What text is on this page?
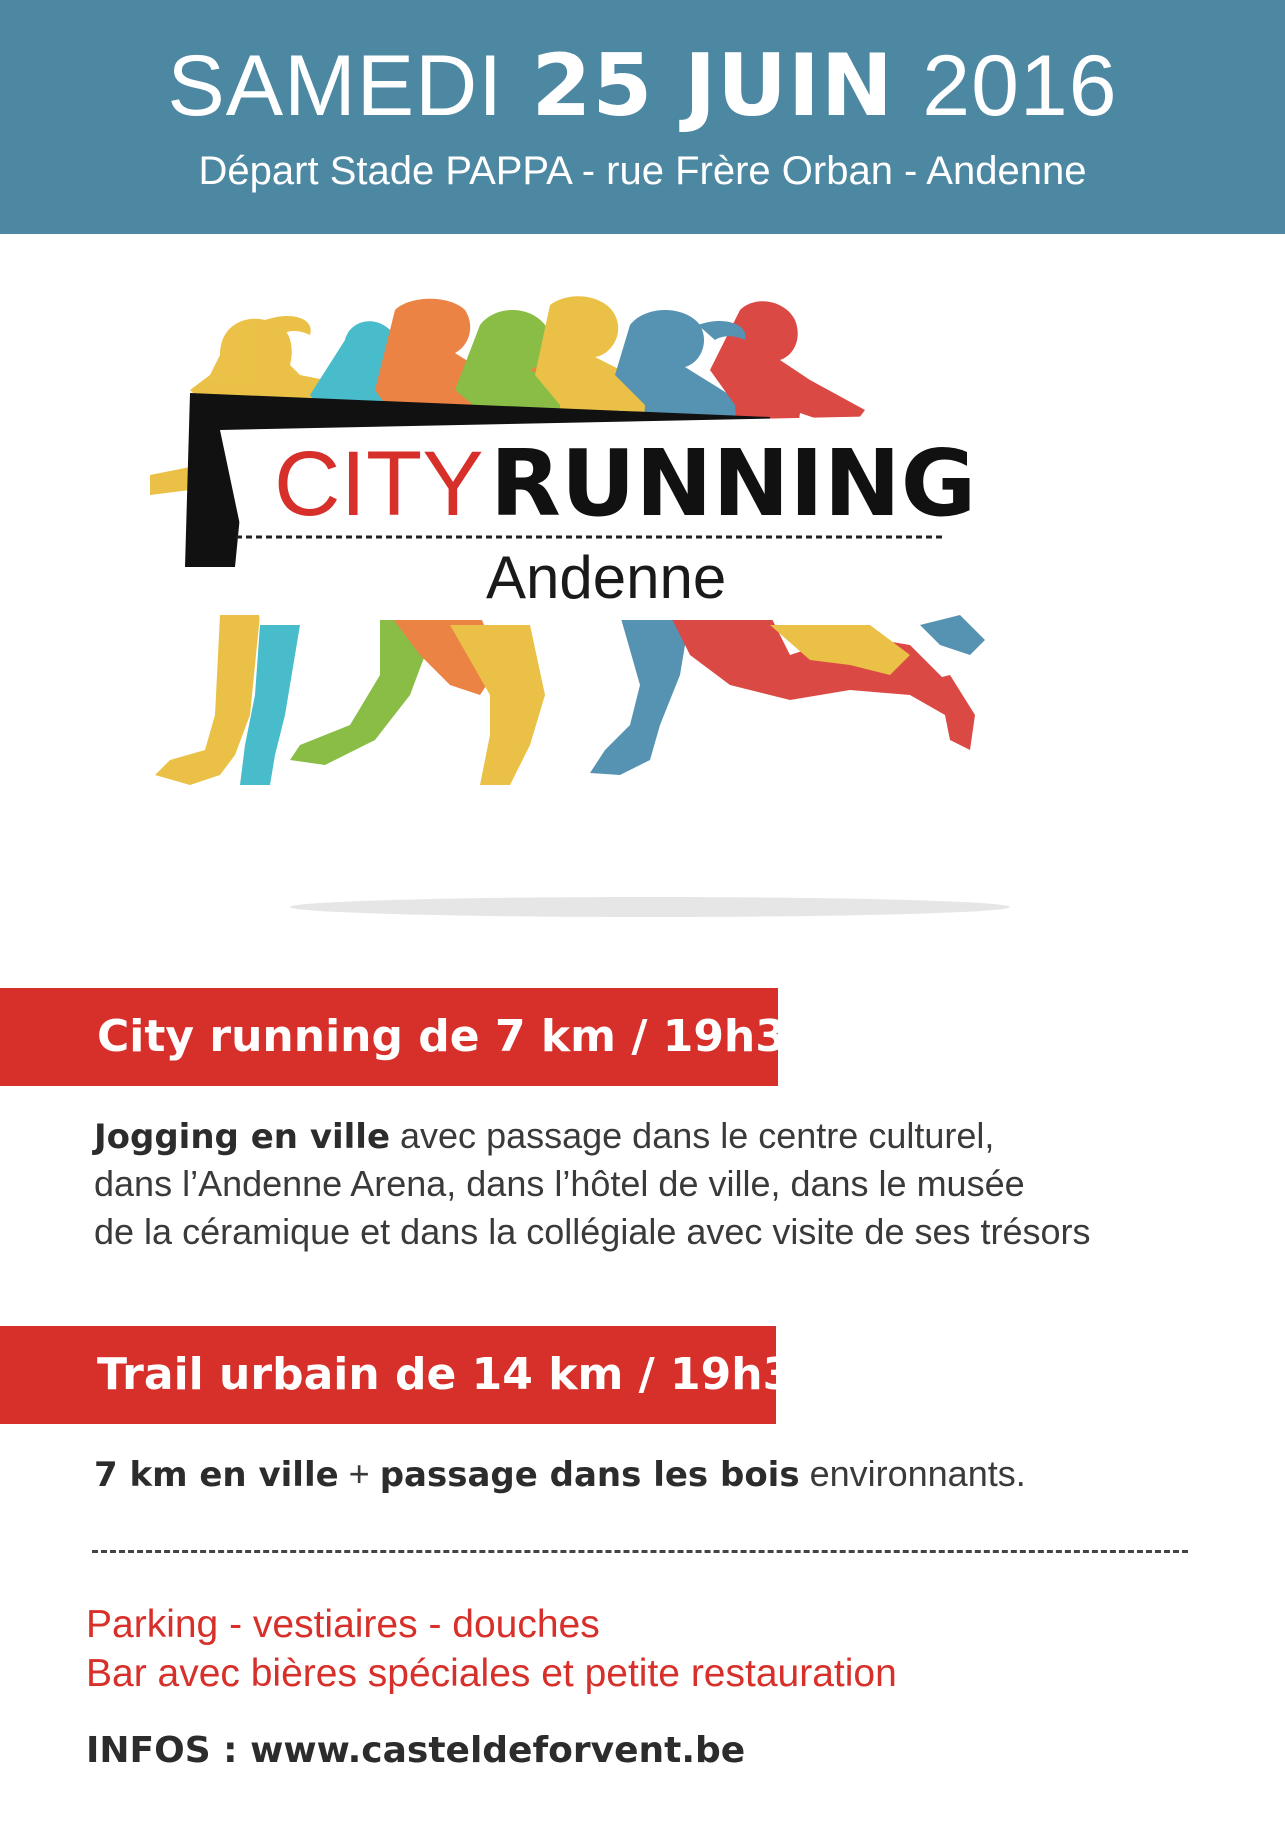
SAMEDI 25 JUIN 2016
Départ Stade PAPPA - rue Frère Orban - Andenne
CITY RUNNING
Andenne
City running de 7 km / 19h30
Jogging en ville avec passage dans le centre culturel,
dans l’Andenne Arena, dans l’hôtel de ville, dans le musée
de la céramique et dans la collégiale avec visite de ses trésors
Trail urbain de 14 km / 19h30
7 km en ville + passage dans les bois environnants.
Parking - vestiaires - douches
Bar avec bières spéciales et petite restauration
INFOS : www.casteldeforvent.be
